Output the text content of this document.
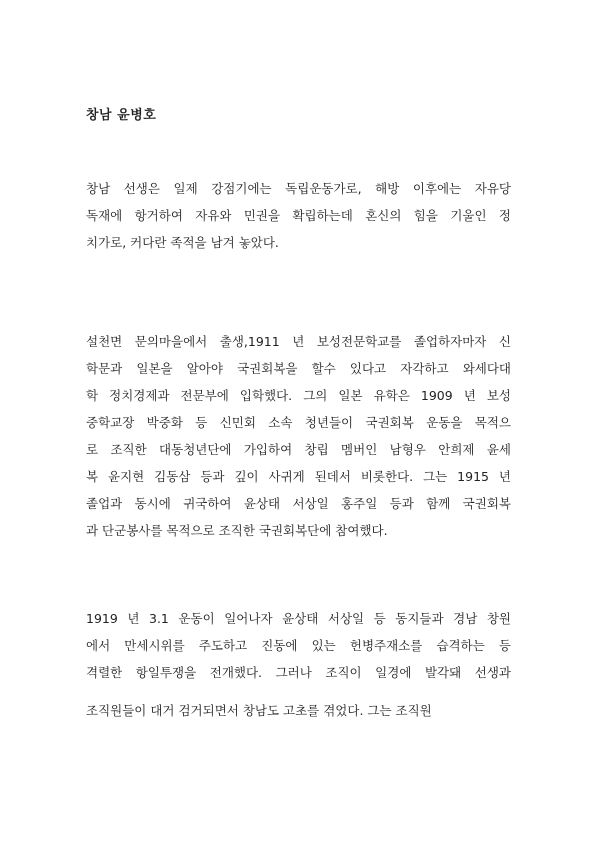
창남 윤병호

창남 선생은 일제 강점기에는 독립운동가로, 해방 이후에는 자유당
독재에 항거하여 자유와 민권을 확립하는데 혼신의 힘을 기울인 정
치가로, 커다란 족적을 남겨 놓았다.

설천면 문의마을에서 출생,1911 년 보성전문학교를 졸업하자마자 신
학문과 일본을 알아야 국권회복을 할수 있다고 자각하고 와세다대
학 정치경제과 전문부에 입학했다. 그의 일본 유학은 1909 년 보성
중학교장 박중화 등 신민회 소속 청년들이 국권회복 운동을 목적으
로 조직한 대동청년단에 가입하여 창립 멤버인 남형우 안희제 윤세
복 윤지현 김동삼 등과 깊이 사귀게 된데서 비롯한다. 그는 1915 년
졸업과 동시에 귀국하여 윤상태 서상일 홍주일 등과 함께 국권회복
과 단군봉사를 목적으로 조직한 국권회복단에 참여했다.

1919 년 3.1 운동이 일어나자 윤상태 서상일 등 동지들과 경남 창원
에서 만세시위를 주도하고 진동에 있는 헌병주재소를 습격하는 등
격렬한 항일투쟁을 전개했다. 그러나 조직이 일경에 발각돼 선생과
조직원들이 대거 검거되면서 창남도 고초를 겪었다. 그는 조직원
